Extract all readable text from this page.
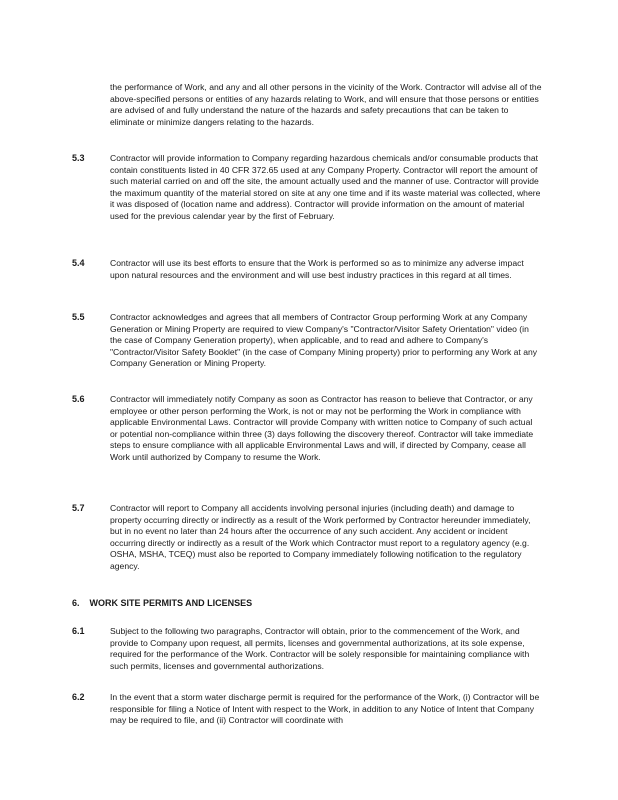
the performance of Work, and any and all other persons in the vicinity of the Work. Contractor will advise all of the above-specified persons or entities of any hazards relating to Work, and will ensure that those persons or entities are advised of and fully understand the nature of the hazards and safety precautions that can be taken to eliminate or minimize dangers relating to the hazards.

5.3	Contractor will provide information to Company regarding hazardous chemicals and/or consumable products that contain constituents listed in 40 CFR 372.65 used at any Company Property. Contractor will report the amount of such material carried on and off the site, the amount actually used and the manner of use. Contractor will provide the maximum quantity of the material stored on site at any one time and if its waste material was collected, where it was disposed of (location name and address). Contractor will provide information on the amount of material used for the previous calendar year by the first of February.

5.4	Contractor will use its best efforts to ensure that the Work is performed so as to minimize any adverse impact upon natural resources and the environment and will use best industry practices in this regard at all times.

5.5	Contractor acknowledges and agrees that all members of Contractor Group performing Work at any Company Generation or Mining Property are required to view Company's "Contractor/Visitor Safety Orientation" video (in the case of Company Generation property), when applicable, and to read and adhere to Company's "Contractor/Visitor Safety Booklet" (in the case of Company Mining property) prior to performing any Work at any Company Generation or Mining Property.

5.6	Contractor will immediately notify Company as soon as Contractor has reason to believe that Contractor, or any employee or other person performing the Work, is not or may not be performing the Work in compliance with applicable Environmental Laws. Contractor will provide Company with written notice to Company of such actual or potential non-compliance within three (3) days following the discovery thereof. Contractor will take immediate steps to ensure compliance with all applicable Environmental Laws and will, if directed by Company, cease all Work until authorized by Company to resume the Work.

5.7	Contractor will report to Company all accidents involving personal injuries (including death) and damage to property occurring directly or indirectly as a result of the Work performed by Contractor hereunder immediately, but in no event no later than 24 hours after the occurrence of any such accident. Any accident or incident occurring directly or indirectly as a result of the Work which Contractor must report to a regulatory agency (e.g. OSHA, MSHA, TCEQ) must also be reported to Company immediately following notification to the regulatory agency.

6.    WORK SITE PERMITS AND LICENSES
6.1	Subject to the following two paragraphs, Contractor will obtain, prior to the commencement of the Work, and provide to Company upon request, all permits, licenses and governmental authorizations, at its sole expense, required for the performance of the Work. Contractor will be solely responsible for maintaining compliance with such permits, licenses and governmental authorizations.

6.2	In the event that a storm water discharge permit is required for the performance of the Work, (i) Contractor will be responsible for filing a Notice of Intent with respect to the Work, in addition to any Notice of Intent that Company may be required to file, and (ii) Contractor will coordinate with
